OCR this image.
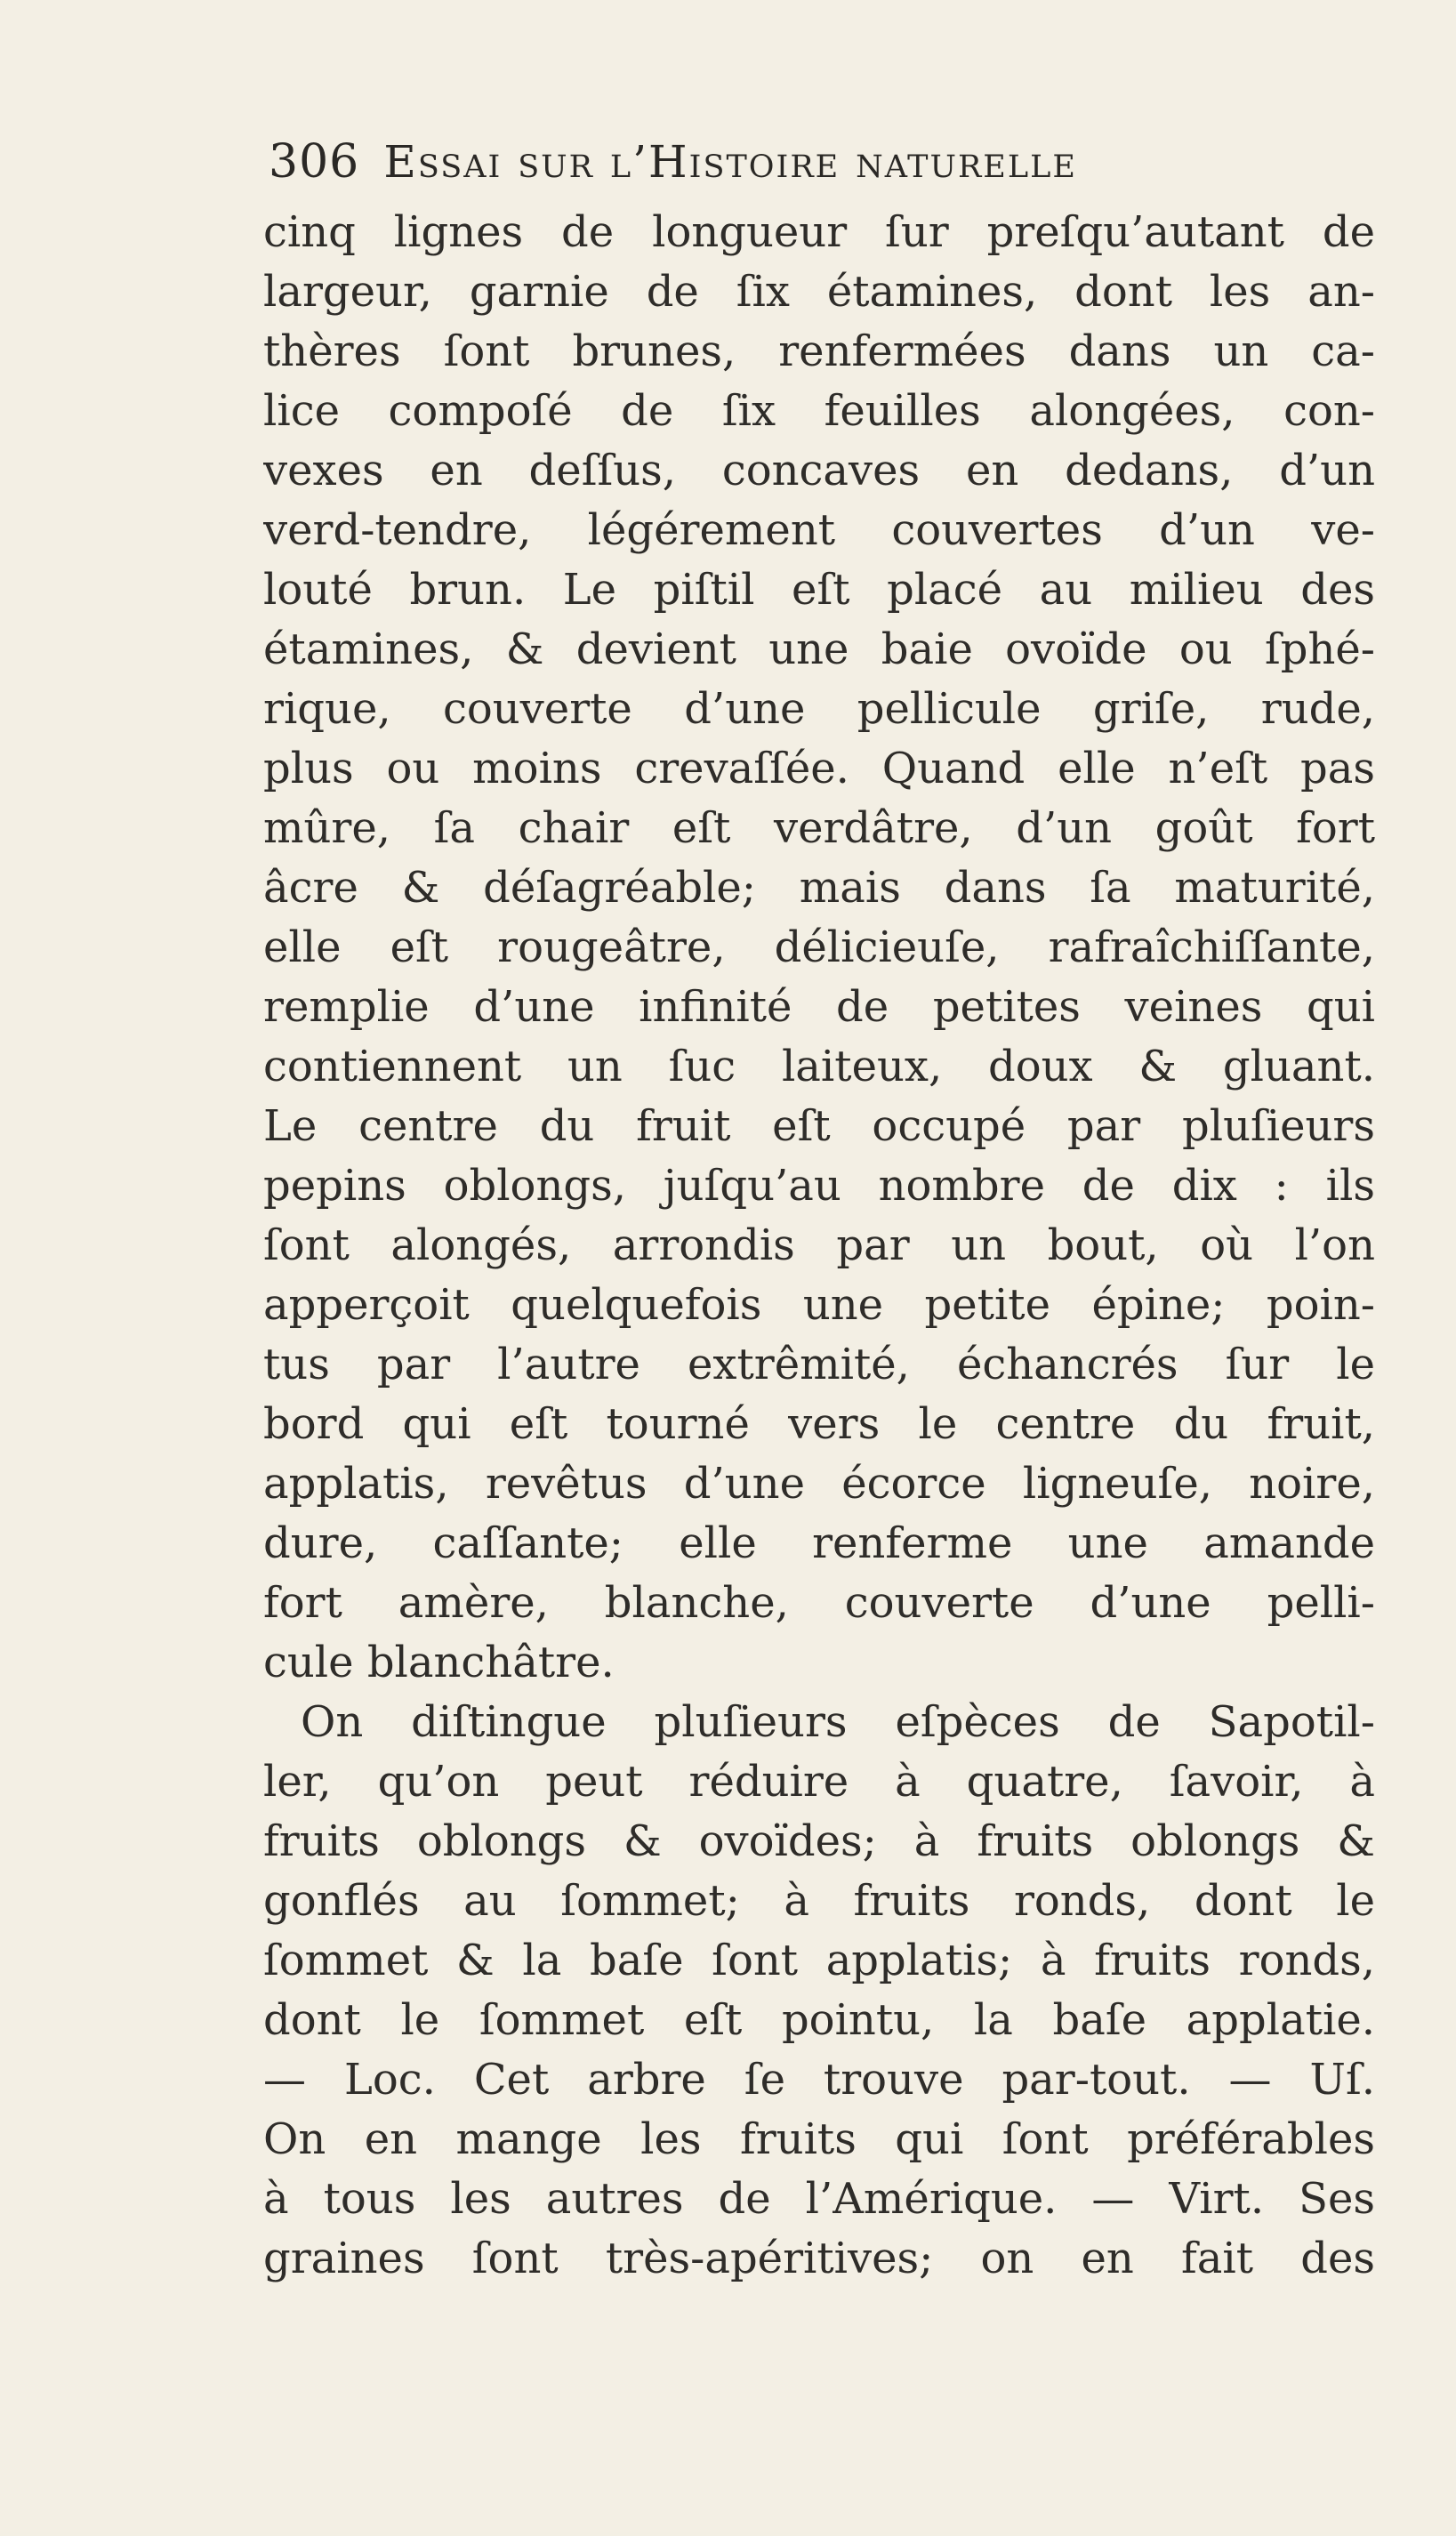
306 Essai sur l’Histoire naturelle
cinq lignes de longueur ſur preſqu’autant de
largeur, garnie de ſix étamines, dont les an-
thères ſont brunes, renfermées dans un ca-
lice compoſé de ſix feuilles alongées, con-
vexes en deſſus, concaves en dedans, d’un
verd-tendre, légérement couvertes d’un ve-
louté brun. Le piſtil eſt placé au milieu des
étamines, & devient une baie ovoïde ou ſphé-
rique, couverte d’une pellicule griſe, rude,
plus ou moins crevaſſée. Quand elle n’eſt pas
mûre, ſa chair eſt verdâtre, d’un goût fort
âcre & déſagréable; mais dans ſa maturité,
elle eſt rougeâtre, délicieuſe, rafraîchiſſante,
remplie d’une infinité de petites veines qui
contiennent un ſuc laiteux, doux & gluant.
Le centre du fruit eſt occupé par pluſieurs
pepins oblongs, juſqu’au nombre de dix : ils
ſont alongés, arrondis par un bout, où l’on
apperçoit quelquefois une petite épine; poin-
tus par l’autre extrêmité, échancrés ſur le
bord qui eſt tourné vers le centre du fruit,
applatis, revêtus d’une écorce ligneuſe, noire,
dure, caſſante; elle renferme une amande
fort amère, blanche, couverte d’une pelli-
cule blanchâtre.
On diſtingue pluſieurs eſpèces de Sapotil-
ler, qu’on peut réduire à quatre, ſavoir, à
fruits oblongs & ovoïdes; à fruits oblongs &
gonflés au ſommet; à fruits ronds, dont le
ſommet & la baſe ſont applatis; à fruits ronds,
dont le ſommet eſt pointu, la baſe applatie.
— Loc. Cet arbre ſe trouve par-tout. — Uſ.
On en mange les fruits qui ſont préférables
à tous les autres de l’Amérique. — Virt. Ses
graines ſont très-apéritives; on en fait des
